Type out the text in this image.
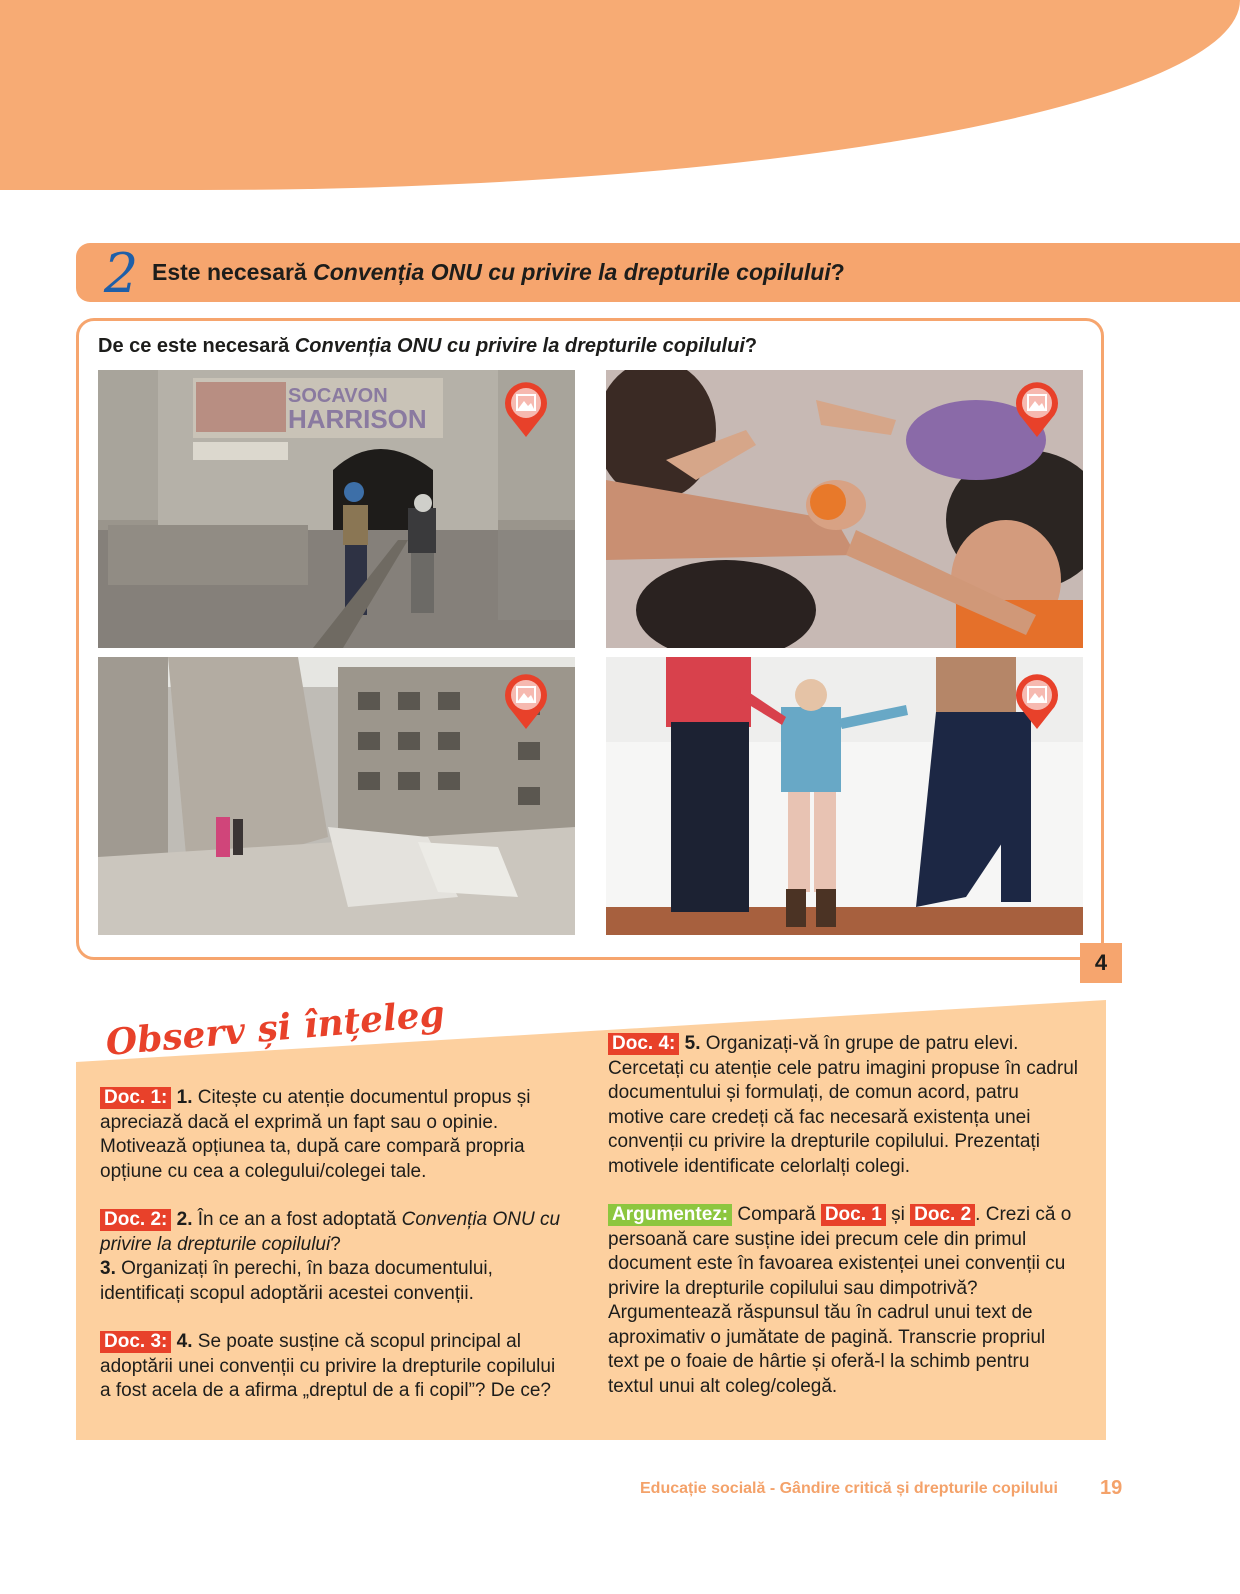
2 Este necesară Convenția ONU cu privire la drepturile copilului?
De ce este necesară Convenția ONU cu privire la drepturile copilului?
SOCAVON
HARRISON
4
Observ și înțeleg

Doc. 1: 1. Citește cu atenție documentul propus și apreciază dacă el exprimă un fapt sau o opinie. Motivează opțiunea ta, după care compară propria opțiune cu cea a colegului/colegei tale.

Doc. 2: 2. În ce an a fost adoptată Convenția ONU cu privire la drepturile copilului?
3. Organizați în perechi, în baza documentului, identificați scopul adoptării acestei convenții.

Doc. 3: 4. Se poate susține că scopul principal al adoptării unei convenții cu privire la drepturile copilului a fost acela de a afirma „dreptul de a fi copil”? De ce?

Doc. 4: 5. Organizați-vă în grupe de patru elevi. Cercetați cu atenție cele patru imagini propuse în cadrul documentului și formulați, de comun acord, patru motive care credeți că fac necesară existența unei convenții cu privire la drepturile copilului. Prezentați motivele identificate celorlalți colegi.

Argumentez: Compară Doc. 1 și Doc. 2 . Crezi că o persoană care susține idei precum cele din primul document este în favoarea existenței unei convenții cu privire la drepturile copilului sau dimpotrivă? Argumentează răspunsul tău în cadrul unui text de aproximativ o jumătate de pagină. Transcrie propriul text pe o foaie de hârtie și oferă-l la schimb pentru textul unui alt coleg/colegă.

Educație socială - Gândire critică și drepturile copilului 19
